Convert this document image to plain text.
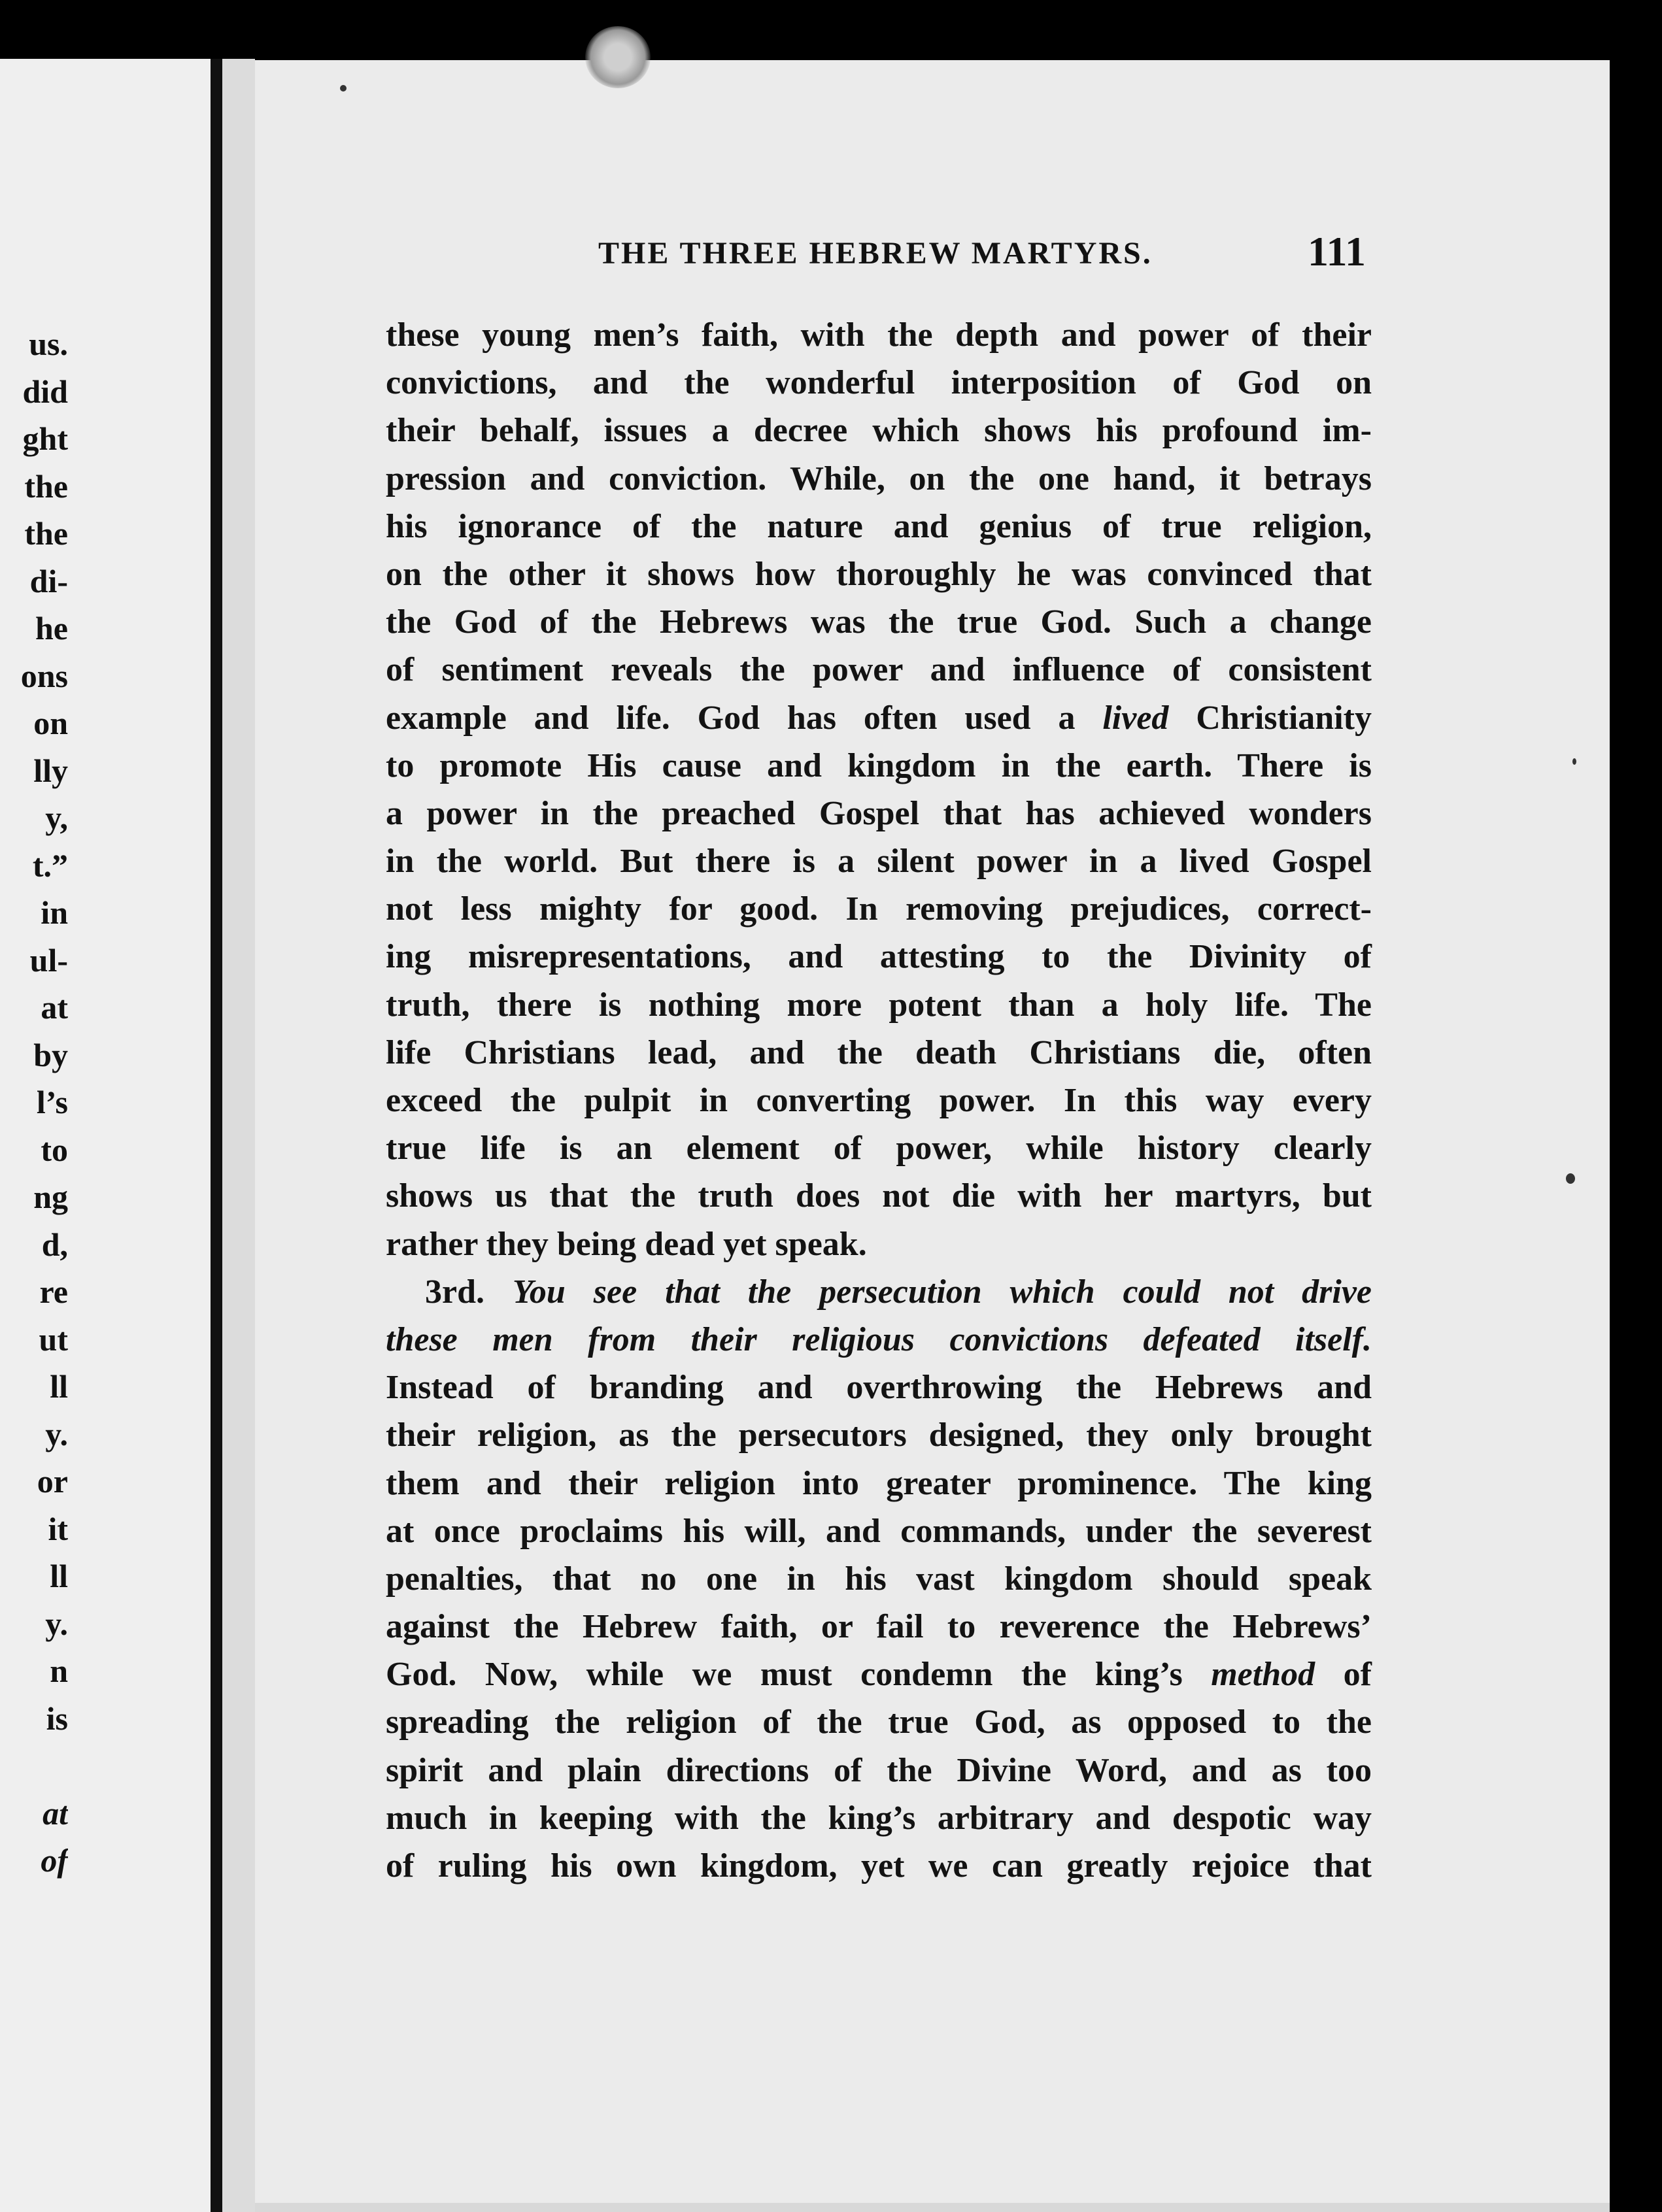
us.
did
ght
the
the
di-
he
ons
on
lly
y,
t.”
in
ul-
at
by
l’s
to
ng
d,
re
ut
ll
y.
or
it
ll
y.
n
is
at
of
THE THREE HEBREW MARTYRS.	111
these young men’s faith, with the depth and power of their
convictions, and the wonderful interposition of God on
their behalf, issues a decree which shows his profound im-
pression and conviction. While, on the one hand, it betrays
his ignorance of the nature and genius of true religion,
on the other it shows how thoroughly he was convinced that
the God of the Hebrews was the true God. Such a change
of sentiment reveals the power and influence of consistent
example and life. God has often used a lived Christianity
to promote His cause and kingdom in the earth. There is
a power in the preached Gospel that has achieved wonders
in the world. But there is a silent power in a lived Gospel
not less mighty for good. In removing prejudices, correct-
ing misrepresentations, and attesting to the Divinity of
truth, there is nothing more potent than a holy life. The
life Christians lead, and the death Christians die, often
exceed the pulpit in converting power. In this way every
true life is an element of power, while history clearly
shows us that the truth does not die with her martyrs, but
rather they being dead yet speak.
3rd. You see that the persecution which could not drive
these men from their religious convictions defeated itself.
Instead of branding and overthrowing the Hebrews and
their religion, as the persecutors designed, they only brought
them and their religion into greater prominence. The king
at once proclaims his will, and commands, under the severest
penalties, that no one in his vast kingdom should speak
against the Hebrew faith, or fail to reverence the Hebrews’
God. Now, while we must condemn the king’s method of
spreading the religion of the true God, as opposed to the
spirit and plain directions of the Divine Word, and as too
much in keeping with the king’s arbitrary and despotic way
of ruling his own kingdom, yet we can greatly rejoice that
